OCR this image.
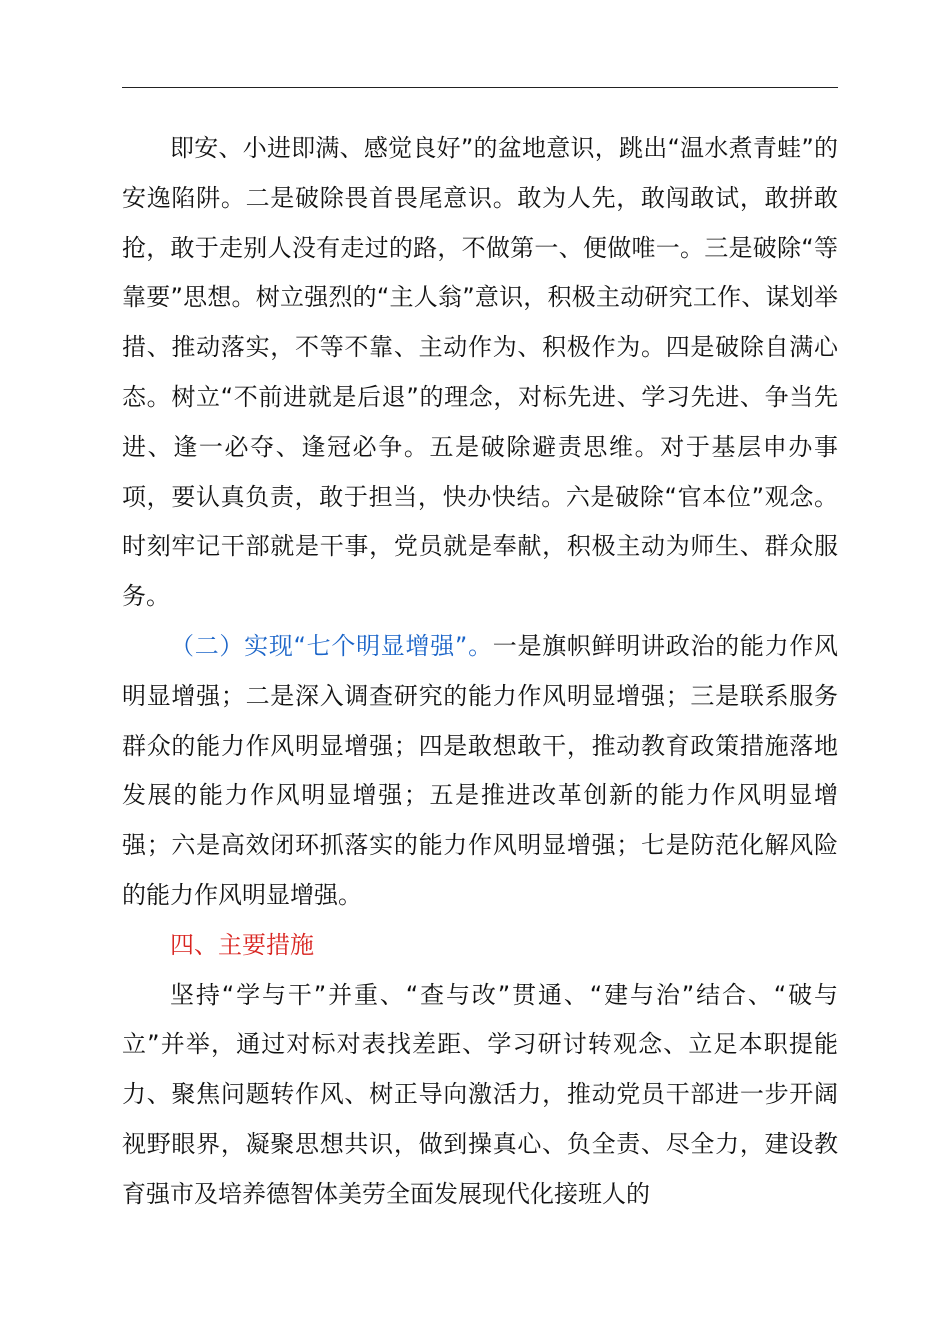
即安、小进即满、感觉良好”的盆地意识，跳出“温水煮青蛙”的安逸陷阱。二是破除畏首畏尾意识。敢为人先，敢闯敢试，敢拼敢抢，敢于走别人没有走过的路，不做第一、便做唯一。三是破除“等靠要”思想。树立强烈的“主人翁”意识，积极主动研究工作、谋划举措、推动落实，不等不靠、主动作为、积极作为。四是破除自满心态。树立“不前进就是后退”的理念，对标先进、学习先进、争当先进、逢一必夺、逢冠必争。五是破除避责思维。对于基层申办事项，要认真负责，敢于担当，快办快结。六是破除“官本位”观念。时刻牢记干部就是干事，党员就是奉献，积极主动为师生、群众服务。

（二）实现“七个明显增强”。一是旗帜鲜明讲政治的能力作风明显增强；二是深入调查研究的能力作风明显增强；三是联系服务群众的能力作风明显增强；四是敢想敢干，推动教育政策措施落地发展的能力作风明显增强；五是推进改革创新的能力作风明显增强；六是高效闭环抓落实的能力作风明显增强；七是防范化解风险的能力作风明显增强。

四、主要措施

坚持“学与干”并重、“查与改”贯通、“建与治”结合、“破与立”并举，通过对标对表找差距、学习研讨转观念、立足本职提能力、聚焦问题转作风、树正导向激活力，推动党员干部进一步开阔视野眼界，凝聚思想共识，做到操真心、负全责、尽全力，建设教育强市及培养德智体美劳全面发展现代化接班人的
